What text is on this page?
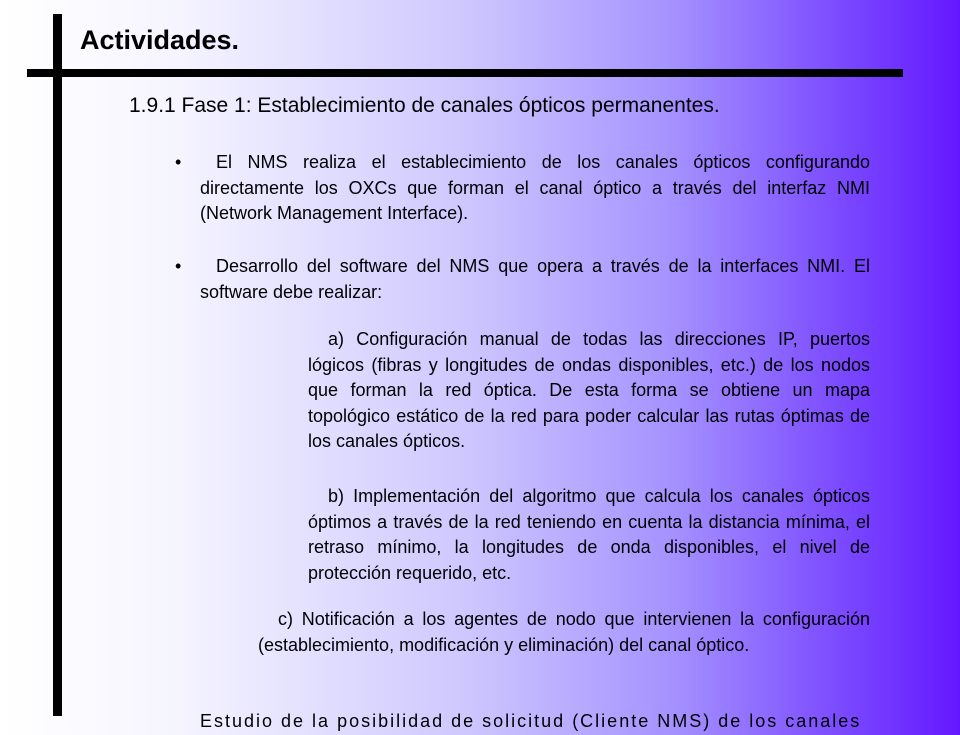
Actividades.

1.9.1 Fase 1: Establecimiento de canales ópticos permanentes.

•	El NMS realiza el establecimiento de los canales ópticos configurando directamente los OXCs que forman el canal óptico a través del interfaz NMI (Network Management Interface).

•	Desarrollo del software del NMS que opera a través de la interfaces NMI. El software debe realizar:

a) Configuración manual de todas las direcciones IP, puertos lógicos (fibras y longitudes de ondas disponibles, etc.) de los nodos que forman la red óptica. De esta forma se obtiene un mapa topológico estático de la red para poder calcular las rutas óptimas de los canales ópticos.

b) Implementación del algoritmo que calcula los canales ópticos óptimos a través de la red teniendo en cuenta la distancia mínima, el retraso mínimo, la longitudes de onda disponibles, el nivel de protección requerido, etc.

c) Notificación a los agentes de nodo que intervienen la configuración (establecimiento, modificación y eliminación) del canal óptico.

Estudio de la posibilidad de solicitud (Cliente NMS) de los canales
